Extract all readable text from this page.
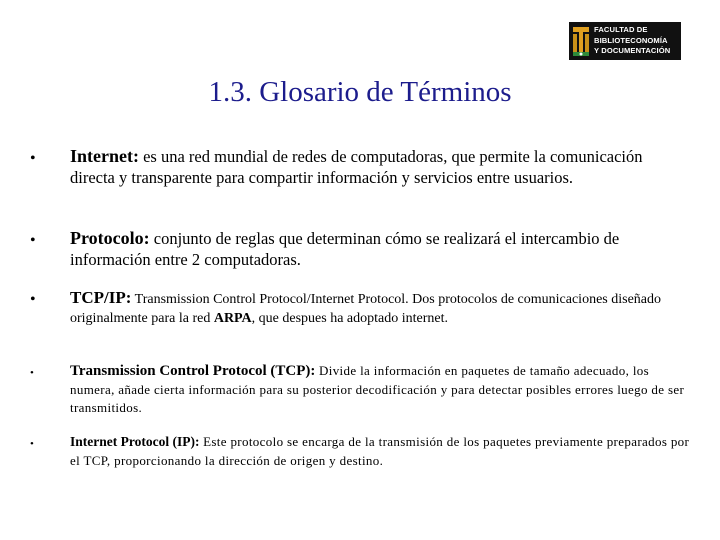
FACULTAD DE
BIBLIOTECONOMÍA
Y DOCUMENTACIÓN
1.3. Glosario de Términos
•	Internet: es una red mundial de redes de computadoras, que permite la comunicación directa y transparente para compartir información y servicios entre usuarios.
•	Protocolo: conjunto de reglas que determinan cómo se realizará el intercambio de información entre 2 computadoras.
•	TCP/IP: Transmission Control Protocol/Internet Protocol. Dos protocolos de comunicaciones diseñado originalmente para la red ARPA, que despues ha adoptado internet.
•	Transmission Control Protocol (TCP): Divide la información en paquetes de tamaño adecuado, los numera, añade cierta información para su posterior decodificación y para detectar posibles errores luego de ser transmitidos.
•	Internet Protocol (IP): Este protocolo se encarga de la transmisión de los paquetes previamente preparados por el TCP, proporcionando la dirección de origen y destino.
